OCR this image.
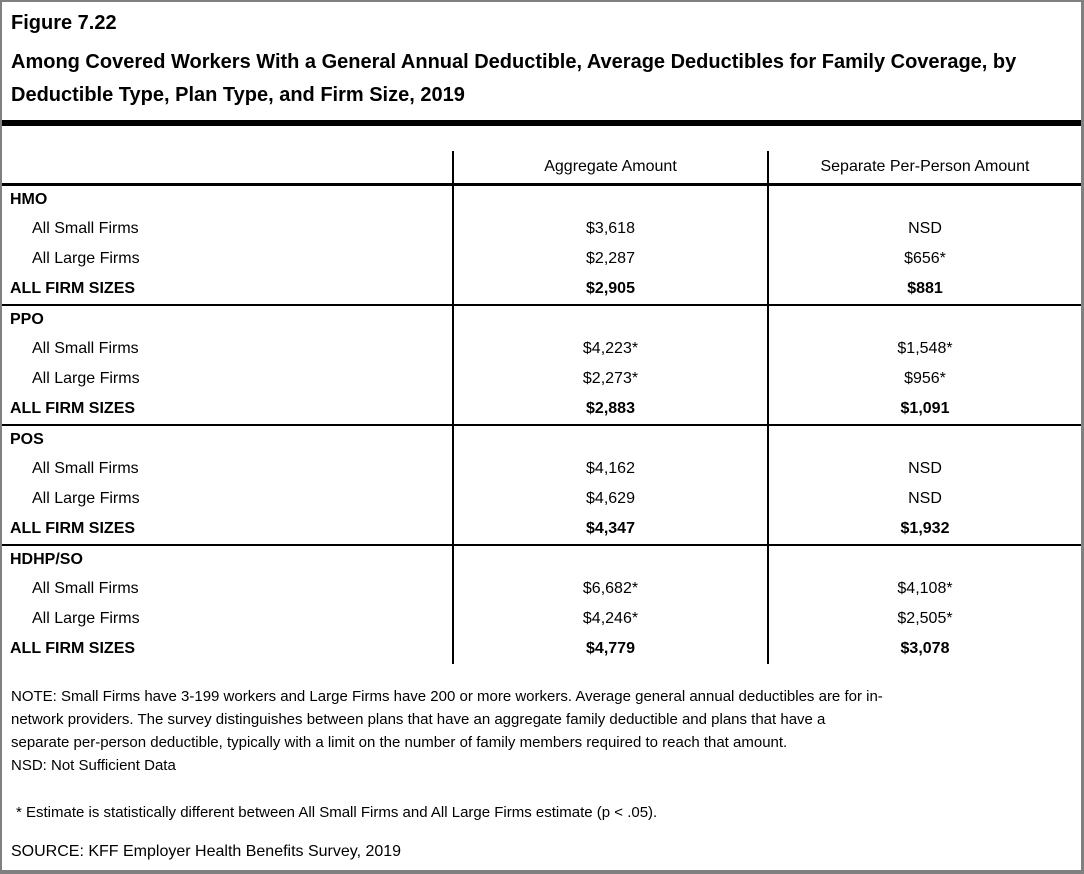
Figure 7.22
Among Covered Workers With a General Annual Deductible, Average Deductibles for Family Coverage, by Deductible Type, Plan Type, and Firm Size, 2019
Aggregate Amount	Separate Per-Person Amount
HMO
All Small Firms	$3,618	NSD
All Large Firms	$2,287	$656*
ALL FIRM SIZES	$2,905	$881
PPO
All Small Firms	$4,223*	$1,548*
All Large Firms	$2,273*	$956*
ALL FIRM SIZES	$2,883	$1,091
POS
All Small Firms	$4,162	NSD
All Large Firms	$4,629	NSD
ALL FIRM SIZES	$4,347	$1,932
HDHP/SO
All Small Firms	$6,682*	$4,108*
All Large Firms	$4,246*	$2,505*
ALL FIRM SIZES	$4,779	$3,078
NOTE: Small Firms have 3-199 workers and Large Firms have 200 or more workers. Average general annual deductibles are for in-
network providers. The survey distinguishes between plans that have an aggregate family deductible and plans that have a
separate per-person deductible, typically with a limit on the number of family members required to reach that amount.
NSD: Not Sufficient Data
* Estimate is statistically different between All Small Firms and All Large Firms estimate (p < .05).
SOURCE: KFF Employer Health Benefits Survey, 2019
